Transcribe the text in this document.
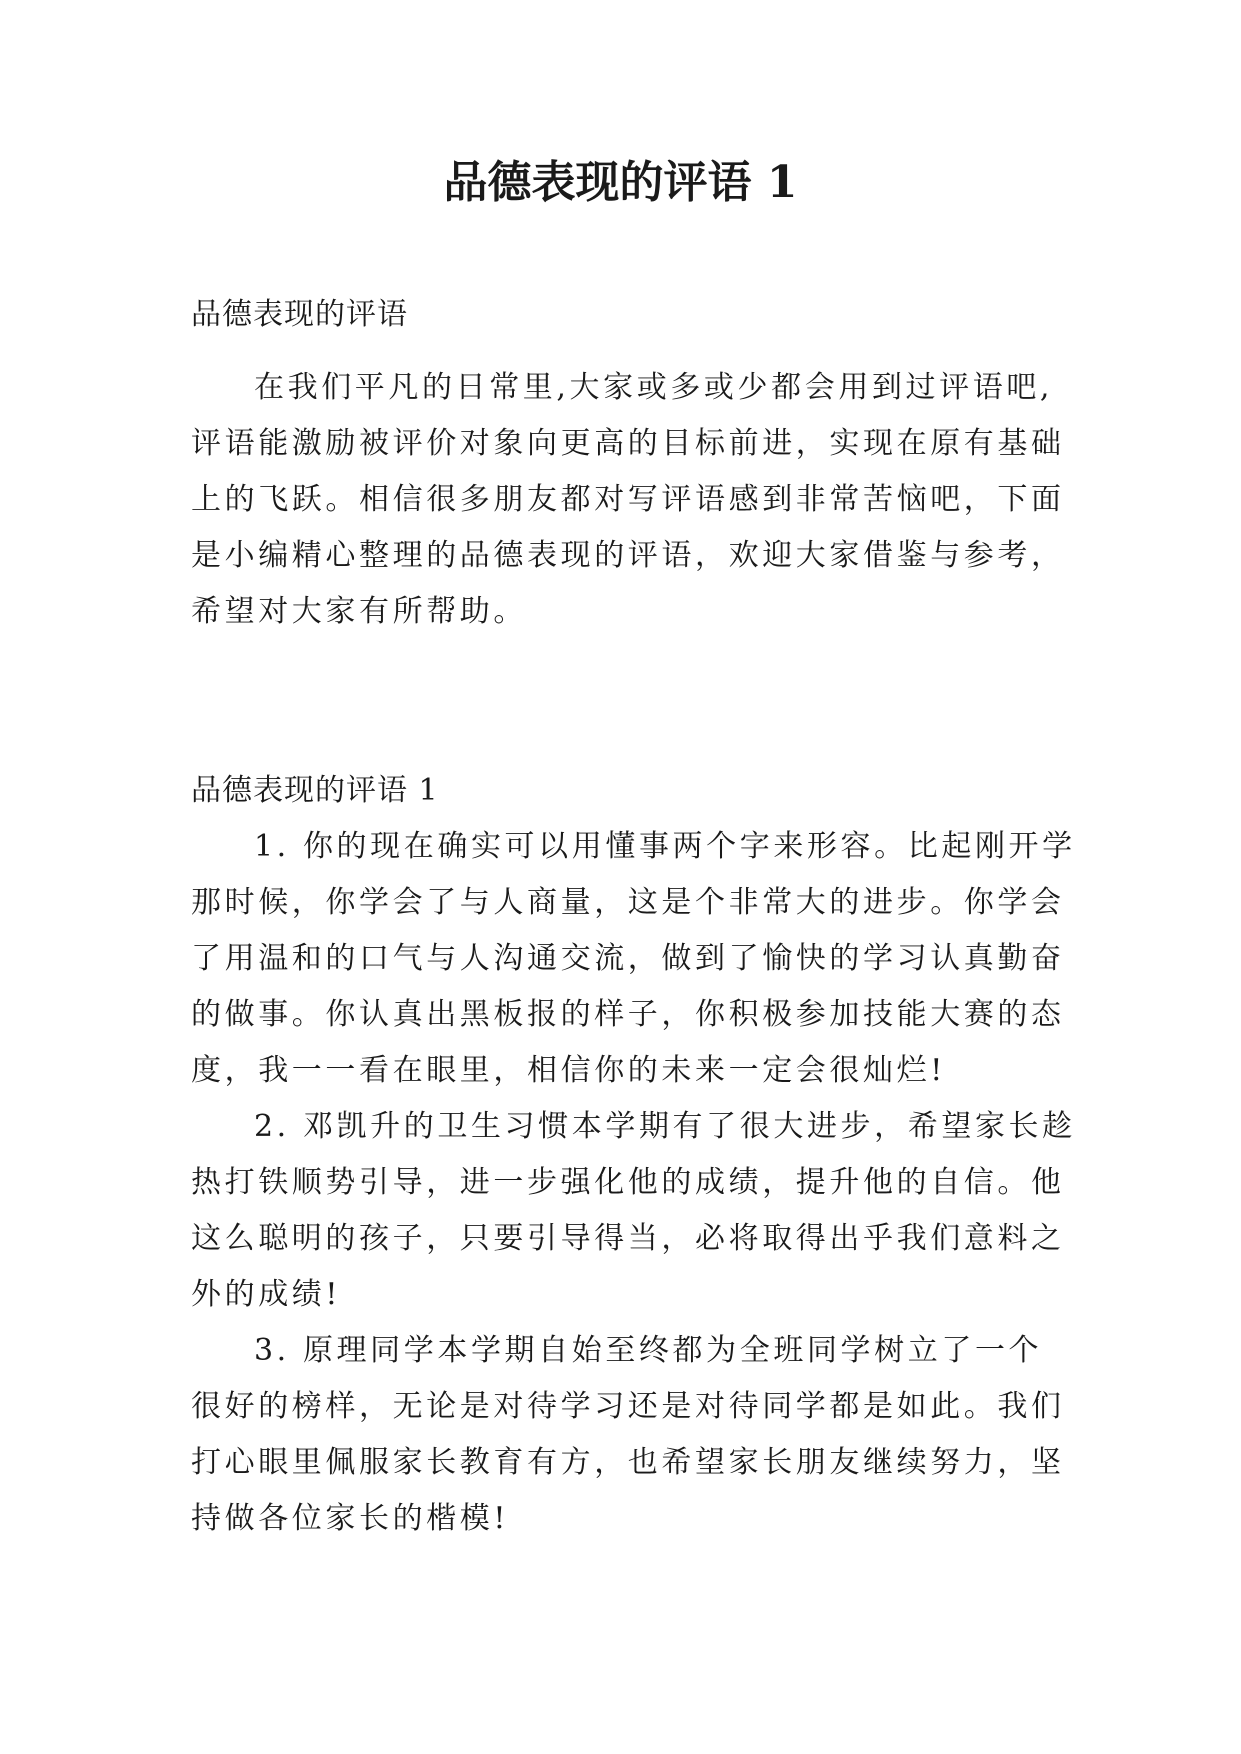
品德表现的评语 1

品德表现的评语

在我们平凡的日常里,大家或多或少都会用到过评语吧,

评语能激励被评价对象向更高的目标前进，实现在原有基础

上的飞跃。相信很多朋友都对写评语感到非常苦恼吧，下面

是小编精心整理的品德表现的评语，欢迎大家借鉴与参考，

希望对大家有所帮助。

品德表现的评语 1

1. 你的现在确实可以用懂事两个字来形容。比起刚开学

那时候，你学会了与人商量，这是个非常大的进步。你学会

了用温和的口气与人沟通交流，做到了愉快的学习认真勤奋

的做事。你认真出黑板报的样子，你积极参加技能大赛的态

度，我一一看在眼里，相信你的未来一定会很灿烂!

2. 邓凯升的卫生习惯本学期有了很大进步，希望家长趁

热打铁顺势引导，进一步强化他的成绩，提升他的自信。他

这么聪明的孩子，只要引导得当，必将取得出乎我们意料之

外的成绩!

3. 原理同学本学期自始至终都为全班同学树立了一个

很好的榜样，无论是对待学习还是对待同学都是如此。我们

打心眼里佩服家长教育有方，也希望家长朋友继续努力，坚

持做各位家长的楷模!
